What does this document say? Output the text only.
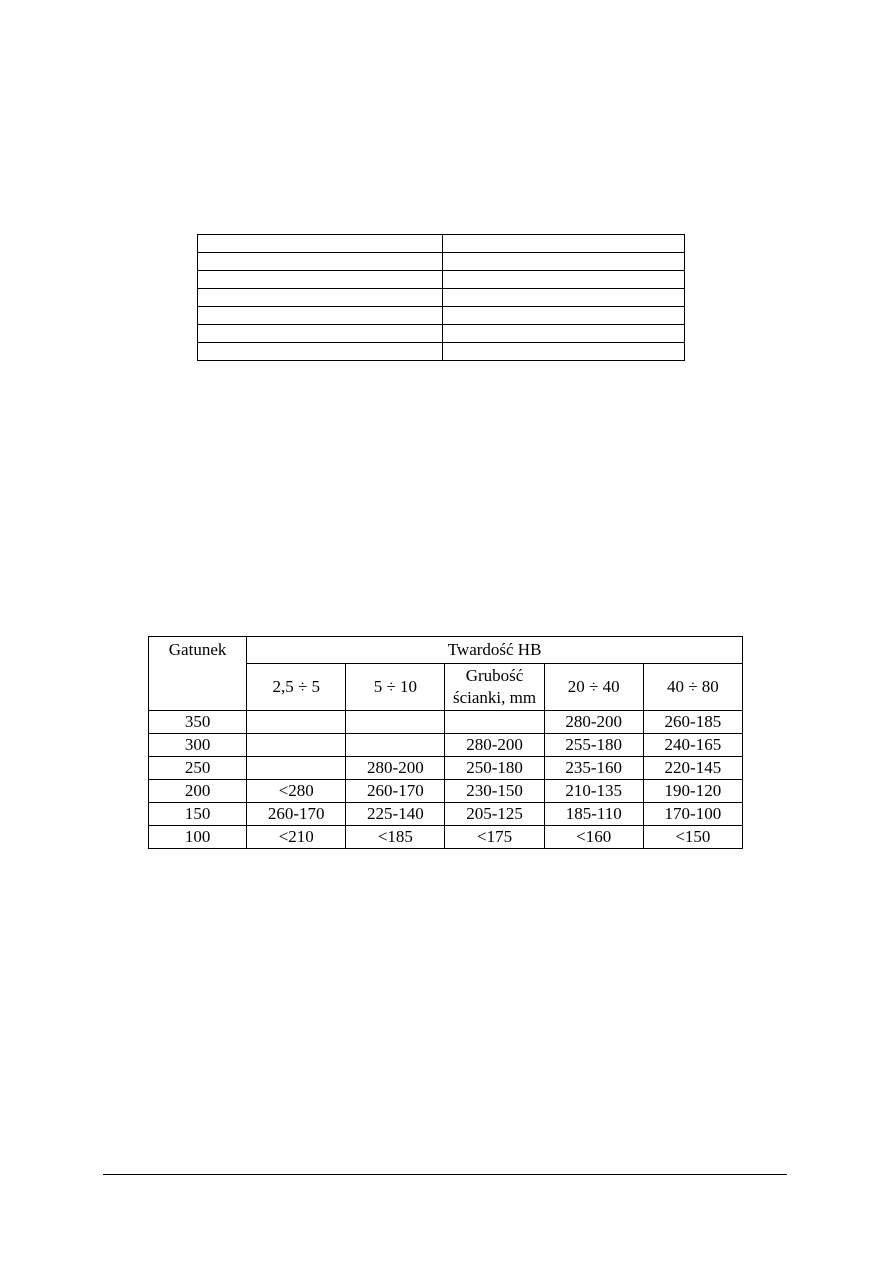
Gatunek	Twardość HB				
	2,5 ÷ 5	5 ÷ 10	Grubość ścianki, mm	20 ÷ 40	40 ÷ 80
350				280-200	260-185
300			280-200	255-180	240-165
250		280-200	250-180	235-160	220-145
200	<280	260-170	230-150	210-135	190-120
150	260-170	225-140	205-125	185-110	170-100
100	<210	<185	<175	<160	<150
